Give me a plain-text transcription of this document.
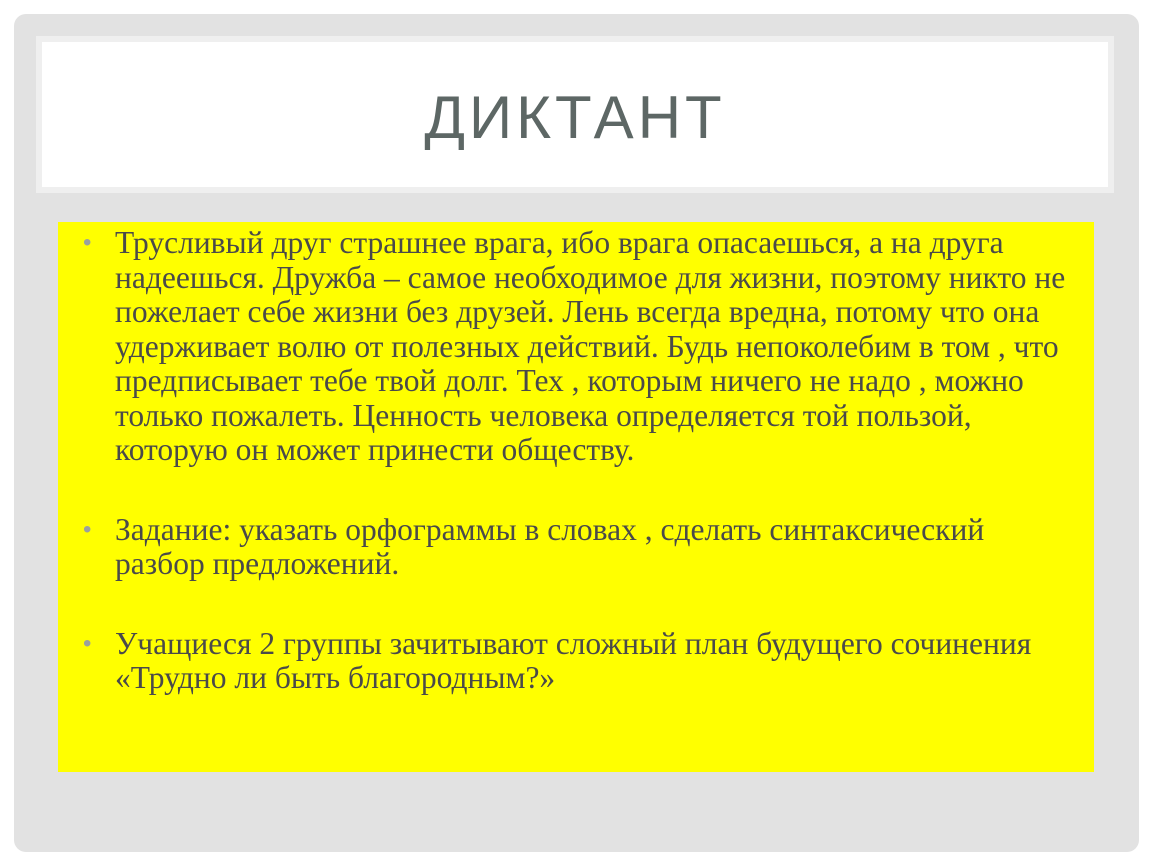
ДИКТАНТ
• Трусливый друг страшнее врага, ибо врага опасаешься, а на друга надеешься. Дружба – самое необходимое для жизни, поэтому никто не пожелает себе жизни без друзей. Лень всегда вредна, потому что она удерживает волю от полезных действий. Будь непоколебим в том , что предписывает тебе твой долг. Тех , которым ничего не надо , можно только пожалеть. Ценность человека определяется той пользой, которую он может принести обществу.
• Задание: указать орфограммы в словах , сделать синтаксический разбор предложений.
• Учащиеся 2 группы зачитывают сложный план будущего сочинения «Трудно ли быть благородным?»
